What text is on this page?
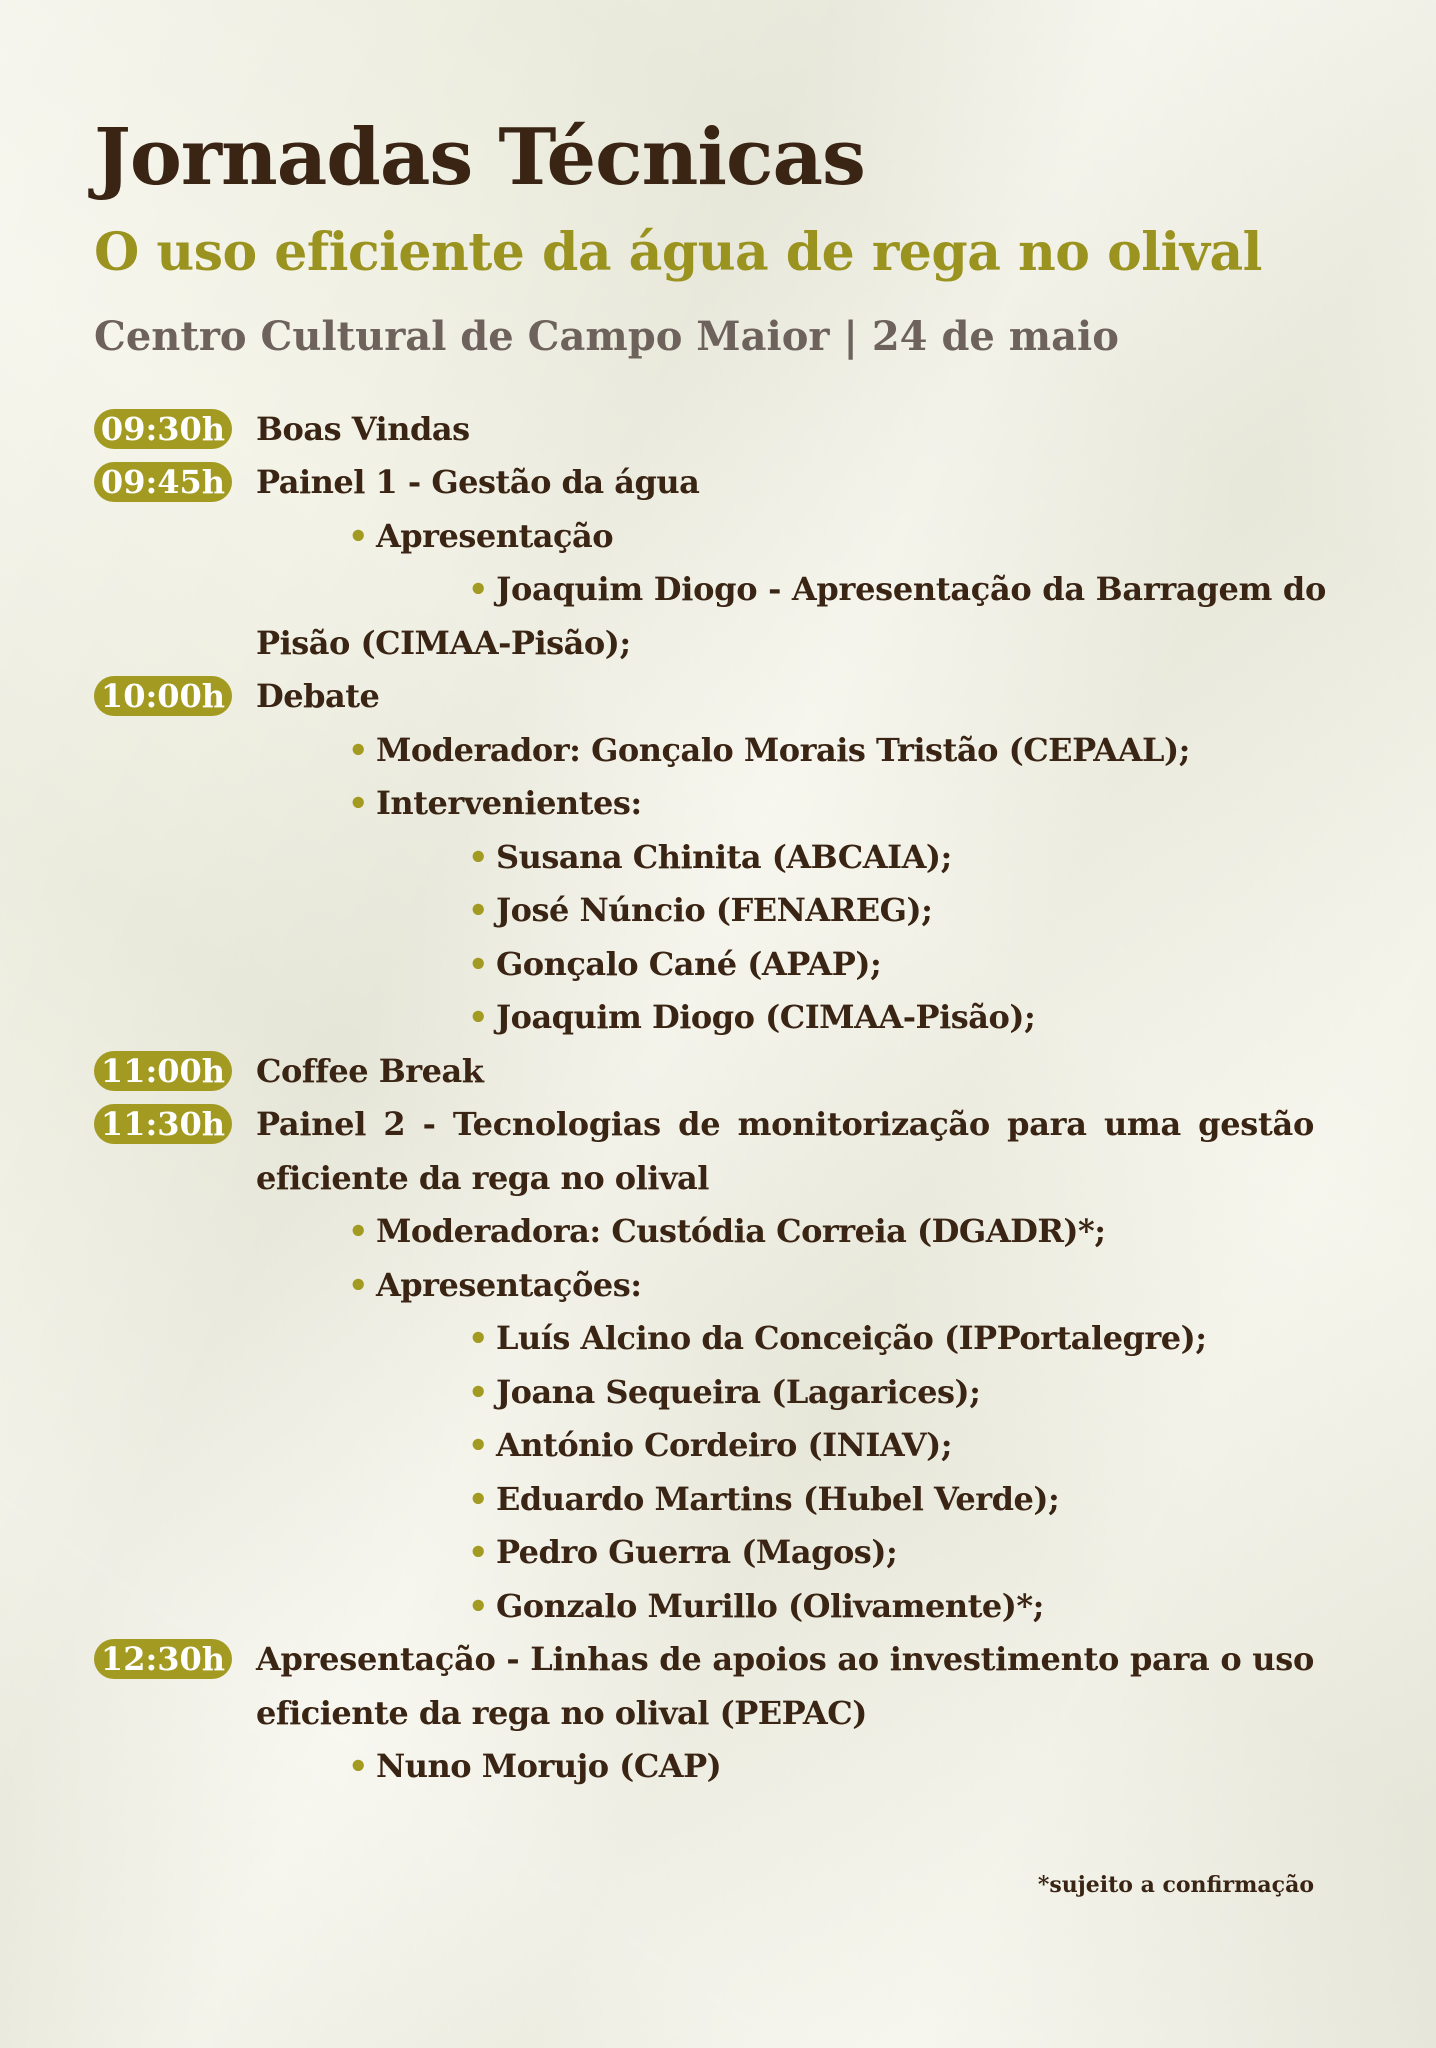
Jornadas Técnicas
O uso eficiente da água de rega no olival
Centro Cultural de Campo Maior | 24 de maio
09:30h Boas Vindas
09:45h Painel 1 - Gestão da água
• Apresentação
• Joaquim Diogo - Apresentação da Barragem do
Pisão (CIMAA-Pisão);
10:00h Debate
• Moderador: Gonçalo Morais Tristão (CEPAAL);
• Intervenientes:
• Susana Chinita (ABCAIA);
• José Núncio (FENAREG);
• Gonçalo Cané (APAP);
• Joaquim Diogo (CIMAA-Pisão);
11:00h Coffee Break
11:30h Painel 2 - Tecnologias de monitorização para uma gestão
eficiente da rega no olival
• Moderadora: Custódia Correia (DGADR)*;
• Apresentações:
• Luís Alcino da Conceição (IPPortalegre);
• Joana Sequeira (Lagarices);
• António Cordeiro (INIAV);
• Eduardo Martins (Hubel Verde);
• Pedro Guerra (Magos);
• Gonzalo Murillo (Olivamente)*;
12:30h Apresentação - Linhas de apoios ao investimento para o uso
eficiente da rega no olival (PEPAC)
• Nuno Morujo (CAP)
*sujeito a confirmação
